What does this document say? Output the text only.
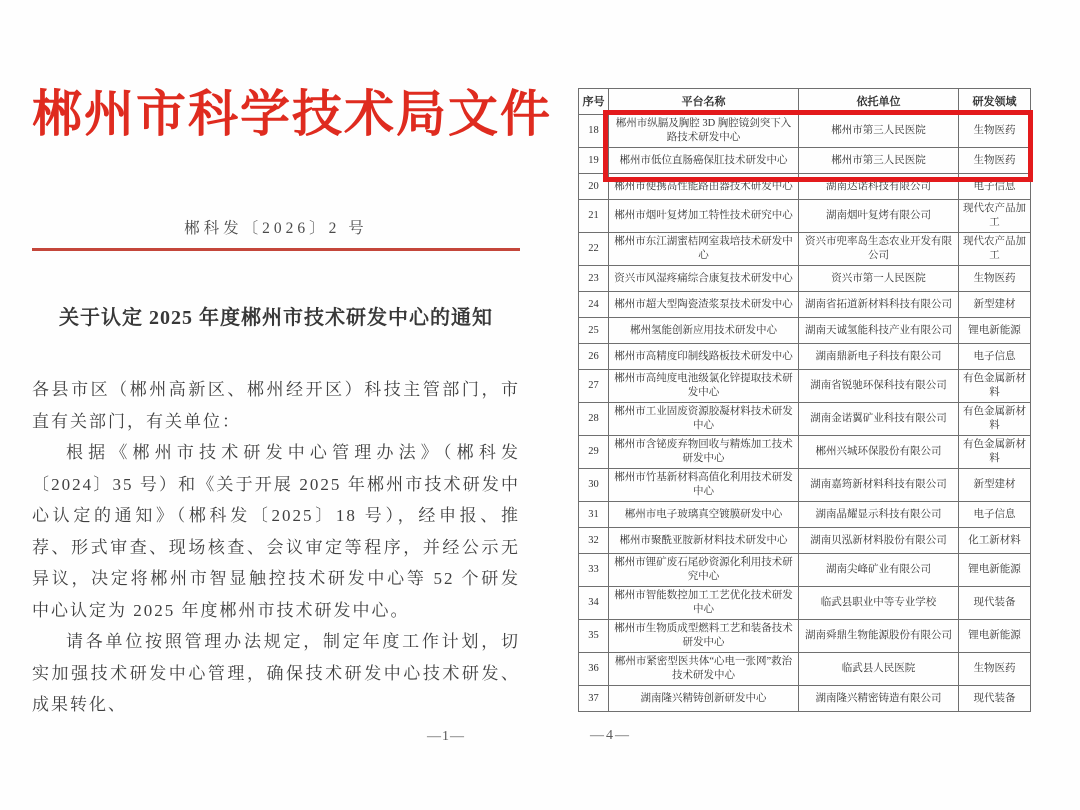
郴州市科学技术局文件
郴科发〔2026〕2 号
关于认定 2025 年度郴州市技术研发中心的通知

各县市区（郴州高新区、郴州经开区）科技主管部门，市直有关部门，有关单位：

根据《郴州市技术研发中心管理办法》（郴科发〔2024〕35 号）和《关于开展 2025 年郴州市技术研发中心认定的通知》（郴科发〔2025〕18 号），经申报、推荐、形式审查、现场核查、会议审定等程序，并经公示无异议，决定将郴州市智显触控技术研发中心等 52 个研发中心认定为 2025 年度郴州市技术研发中心。

请各单位按照管理办法规定，制定年度工作计划，切实加强技术研发中心管理，确保技术研发中心技术研发、成果转化、

—1—
序号	平台名称	依托单位	研发领域
18	郴州市纵膈及胸腔 3D 胸腔镜剑突下入路技术研发中心	郴州市第三人民医院	生物医药
19	郴州市低位直肠癌保肛技术研发中心	郴州市第三人民医院	生物医药
20	郴州市便携高性能路由器技术研发中心	湖南达诺科技有限公司	电子信息
21	郴州市烟叶复烤加工特性技术研究中心	湖南烟叶复烤有限公司	现代农产品加工
22	郴州市东江湖蜜桔网室栽培技术研发中心	资兴市兜率岛生态农业开发有限公司	现代农产品加工
23	资兴市风湿疼痛综合康复技术研发中心	资兴市第一人民医院	生物医药
24	郴州市超大型陶瓷渣浆泵技术研发中心	湖南省拓道新材料科技有限公司	新型建材
25	郴州氢能创新应用技术研发中心	湖南天诚氢能科技产业有限公司	锂电新能源
26	郴州市高精度印制线路板技术研发中心	湖南鼎新电子科技有限公司	电子信息
27	郴州市高纯度电池级氯化锌提取技术研发中心	湖南省锐驰环保科技有限公司	有色金属新材料
28	郴州市工业固废资源胶凝材料技术研发中心	湖南金诺翼矿业科技有限公司	有色金属新材料
29	郴州市含铋废弃物回收与精炼加工技术研发中心	郴州兴城环保股份有限公司	有色金属新材料
30	郴州市竹基新材料高值化利用技术研发中心	湖南嘉筠新材料科技有限公司	新型建材
31	郴州市电子玻璃真空镀膜研发中心	湖南晶耀显示科技有限公司	电子信息
32	郴州市聚酰亚胺新材料技术研发中心	湖南贝泓新材料股份有限公司	化工新材料
33	郴州市锂矿废石尾砂资源化利用技术研究中心	湖南尖峰矿业有限公司	锂电新能源
34	郴州市智能数控加工工艺优化技术研发中心	临武县职业中等专业学校	现代装备
35	郴州市生物质成型燃料工艺和装备技术研发中心	湖南舜鼎生物能源股份有限公司	锂电新能源
36	郴州市紧密型医共体“心电一张网”救治技术研发中心	临武县人民医院	生物医药
37	湖南隆兴精铸创新研发中心	湖南隆兴精密铸造有限公司	现代装备
—4—
